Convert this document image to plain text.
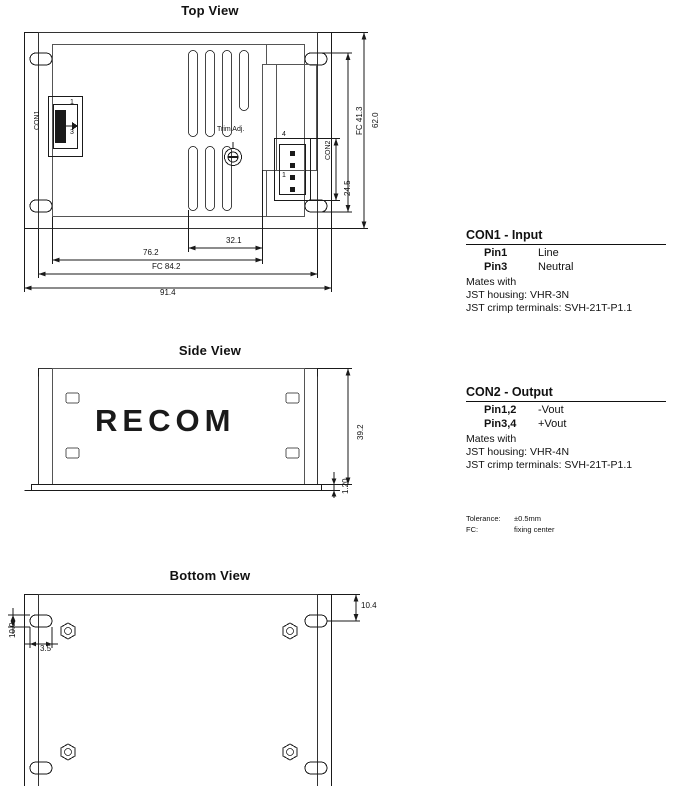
Top View
CON1
1
3
CON2
4
1
Trim Adj.
91.4
FC 84.2
76.2
32.1
62.0
FC 41.3
24.5
Side View
RECOM	39.2
1.20
Bottom View
10.0
3.5
10.4
CON1 - Input
Pin1	Line
Pin3	Neutral
Mates with
JST housing: VHR-3N
JST crimp terminals: SVH-21T-P1.1
CON2 - Output
Pin1,2 -Vout
Pin3,4 +Vout
Mates with
JST housing: VHR-4N
JST crimp terminals: SVH-21T-P1.1
Tolerance: ±0.5mm
FC:	fixing center
